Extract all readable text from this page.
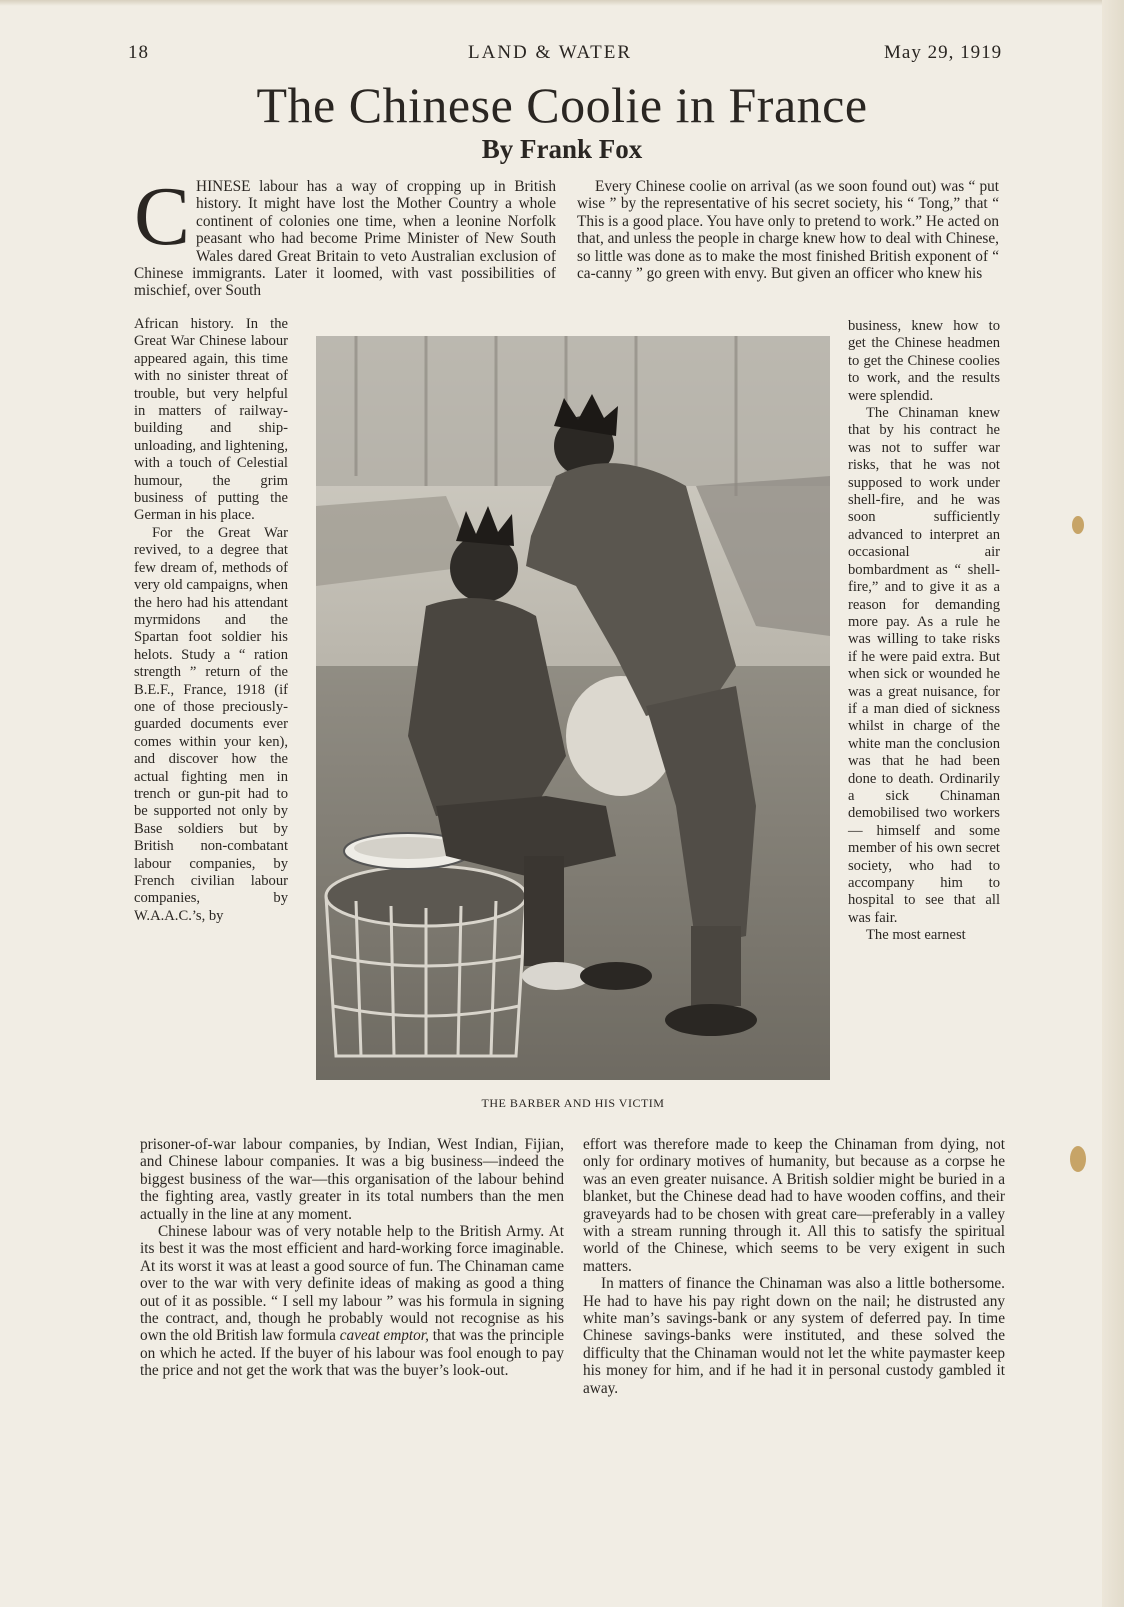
18	LAND & WATER	May 29, 1919
The Chinese Coolie in France
By Frank Fox
C HINESE labour has a way of cropping up in British history. It might have lost the Mother Country a whole continent of colonies one time, when a leonine Norfolk peasant who had become Prime Minister of New South Wales dared Great Britain to veto Australian exclusion of Chinese immigrants. Later it loomed, with vast possibilities of mischief, over South

African history. In the Great War Chinese labour appeared again, this time with no sinister threat of trouble, but very helpful in matters of railway-building and ship-unloading, and lightening, with a touch of Celestial humour, the grim business of putting the German in his place.

For the Great War revived, to a degree that few dream of, methods of very old campaigns, when the hero had his attendant myrmidons and the Spartan foot soldier his helots. Study a “ ration strength ” return of the B.E.F., France, 1918 (if one of those preciously-guarded documents ever comes within your ken), and discover how the actual fighting men in trench or gun-pit had to be supported not only by Base soldiers but by British non-combatant labour companies, by French civilian labour companies, by W.A.A.C.’s, by

prisoner-of-war labour companies, by Indian, West Indian, Fijian, and Chinese labour companies. It was a big business—indeed the biggest business of the war—this organisation of the labour behind the fighting area, vastly greater in its total numbers than the men actually in the line at any moment.

Chinese labour was of very notable help to the British Army. At its best it was the most efficient and hard-working force imaginable. At its worst it was at least a good source of fun. The Chinaman came over to the war with very definite ideas of making as good a thing out of it as possible. “ I sell my labour ” was his formula in signing the contract, and, though he probably would not recognise as his own the old British law formula caveat emptor, that was the principle on which he acted. If the buyer of his labour was fool enough to pay the price and not get the work that was the buyer’s look-out.

Every Chinese coolie on arrival (as we soon found out) was “ put wise ” by the representative of his secret society, his “ Tong,” that “ This is a good place. You have only to pretend to work.” He acted on that, and unless the people in charge knew how to deal with Chinese, so little was done as to make the most finished British exponent of “ ca-canny ” go green with envy. But given an officer who knew his

business, knew how to get the Chinese headmen to get the Chinese coolies to work, and the results were splendid.

The Chinaman knew that by his contract he was not to suffer war risks, that he was not supposed to work under shell-fire, and he was soon sufficiently advanced to interpret an occasional air bombardment as “ shell-fire,” and to give it as a reason for demanding more pay. As a rule he was willing to take risks if he were paid extra. But when sick or wounded he was a great nuisance, for if a man died of sickness whilst in charge of the white man the conclusion was that he had been done to death. Ordinarily a sick Chinaman demobilised two workers — himself and some member of his own secret society, who had to accompany him to hospital to see that all was fair.

The most earnest

effort was therefore made to keep the Chinaman from dying, not only for ordinary motives of humanity, but because as a corpse he was an even greater nuisance. A British soldier might be buried in a blanket, but the Chinese dead had to have wooden coffins, and their graveyards had to be chosen with great care—preferably in a valley with a stream running through it. All this to satisfy the spiritual world of the Chinese, which seems to be very exigent in such matters.

In matters of finance the Chinaman was also a little bothersome. He had to have his pay right down on the nail; he distrusted any white man’s savings-bank or any system of deferred pay. In time Chinese savings-banks were instituted, and these solved the difficulty that the Chinaman would not let the white paymaster keep his money for him, and if he had it in personal custody gambled it away.

THE BARBER AND HIS VICTIM
